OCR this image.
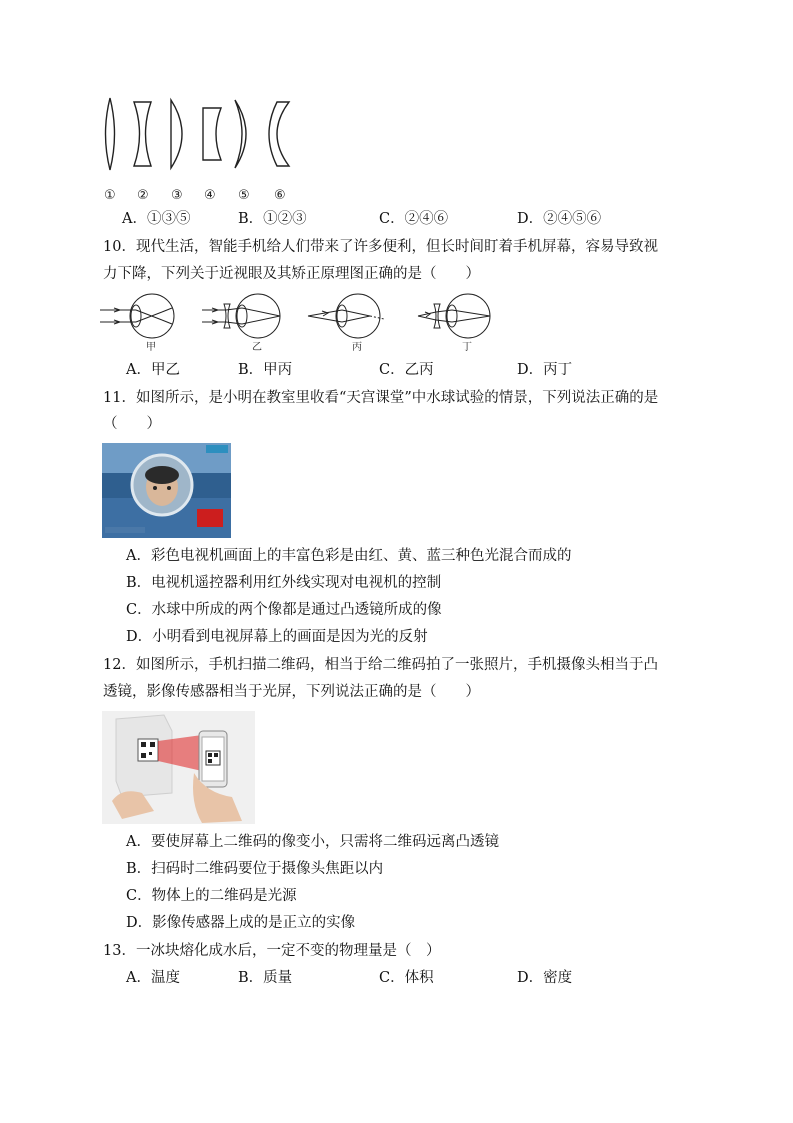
① ② ③ ④ ⑤ ⑥
A．①③⑤	B．①②③	C．②④⑥	D．②④⑤⑥
10．现代生活，智能手机给人们带来了许多便利，但长时间盯着手机屏幕，容易导致视
力下降，下列关于近视眼及其矫正原理图正确的是（　　）
甲	乙	丙	丁
A．甲乙	B．甲丙	C．乙丙	D．丙丁
11．如图所示，是小明在教室里收看“天宫课堂”中水球试验的情景，下列说法正确的是
（　　）
A．彩色电视机画面上的丰富色彩是由红、黄、蓝三种色光混合而成的
B．电视机遥控器利用红外线实现对电视机的控制
C．水球中所成的两个像都是通过凸透镜所成的像
D．小明看到电视屏幕上的画面是因为光的反射
12．如图所示，手机扫描二维码，相当于给二维码拍了一张照片，手机摄像头相当于凸
透镜，影像传感器相当于光屏，下列说法正确的是（　　）
A．要使屏幕上二维码的像变小，只需将二维码远离凸透镜
B．扫码时二维码要位于摄像头焦距以内
C．物体上的二维码是光源
D．影像传感器上成的是正立的实像
13．一冰块熔化成水后，一定不变的物理量是（　）
A．温度	B．质量	C．体积	D．密度
